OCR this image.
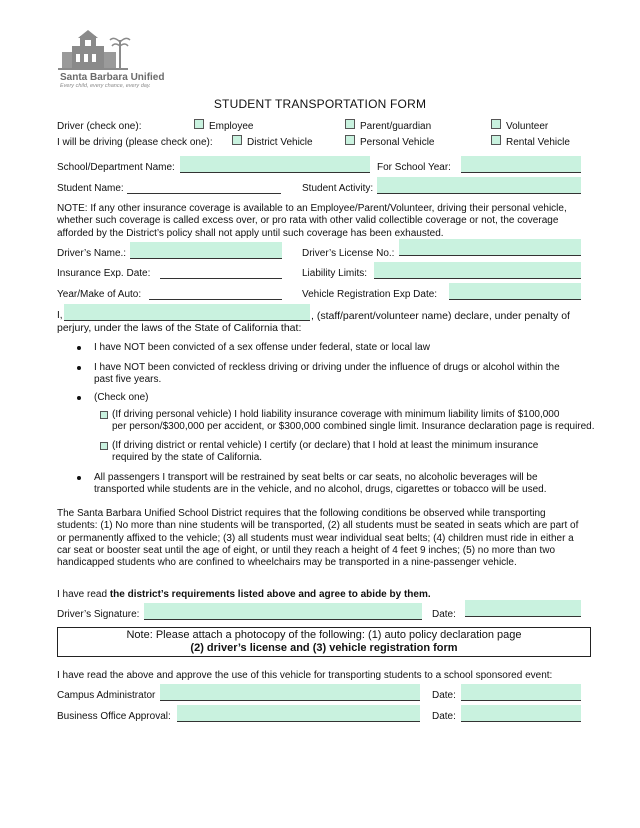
Santa Barbara Unified
Every child, every chance, every day.
STUDENT TRANSPORTATION FORM
Driver (check one):	Employee	Parent/guardian	Volunteer
I will be driving (please check one):	District Vehicle	Personal Vehicle	Rental Vehicle
School/Department Name:	For School Year:
Student Name:	Student Activity:
NOTE: If any other insurance coverage is available to an Employee/Parent/Volunteer, driving their personal vehicle, whether such coverage is called excess over, or pro rata with other valid collectible coverage or not, the coverage afforded by the District’s policy shall not apply until such coverage has been exhausted.
Driver’s Name.:	Driver’s License No.:
Insurance Exp. Date:	Liability Limits:
Year/Make of Auto:	Vehicle Registration Exp Date:
I,	, (staff/parent/volunteer name) declare, under penalty of
perjury, under the laws of the State of California that:
I have NOT been convicted of a sex offense under federal, state or local law
I have NOT been convicted of reckless driving or driving under the influence of drugs or alcohol within the
past five years.
(Check one)
(If driving personal vehicle) I hold liability insurance coverage with minimum liability limits of $100,000
per person/$300,000 per accident, or $300,000 combined single limit. Insurance declaration page is required.
(If driving district or rental vehicle) I certify (or declare) that I hold at least the minimum insurance
required by the state of California.
All passengers I transport will be restrained by seat belts or car seats, no alcoholic beverages will be
transported while students are in the vehicle, and no alcohol, drugs, cigarettes or tobacco will be used.
The Santa Barbara Unified School District requires that the following conditions be observed while transporting students: (1) No more than nine students will be transported, (2) all students must be seated in seats which are part of or permanently affixed to the vehicle; (3) all students must wear individual seat belts; (4) children must ride in either a car seat or booster seat until the age of eight, or until they reach a height of 4 feet 9 inches; (5) no more than two handicapped students who are confined to wheelchairs may be transported in a nine-passenger vehicle.
I have read the district’s requirements listed above and agree to abide by them.
Driver’s Signature:	Date:
Note: Please attach a photocopy of the following: (1) auto policy declaration page
(2) driver’s license and (3) vehicle registration form
I have read the above and approve the use of this vehicle for transporting students to a school sponsored event:
Campus Administrator	Date:
Business Office Approval:	Date:
